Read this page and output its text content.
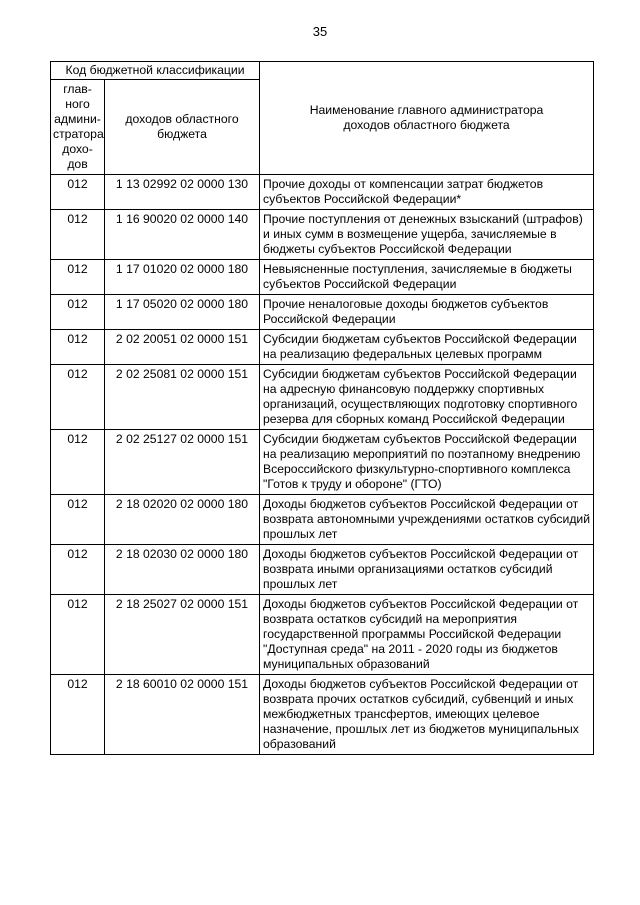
35
Код бюджетной классификации		Наименование главного администратора доходов областного бюджета
глав-ного админи-стратора дохо-дов	доходов областного бюджета	
012	1 13 02992 02 0000 130	Прочие доходы от компенсации затрат бюджетов субъектов Российской Федерации*
012	1 16 90020 02 0000 140	Прочие поступления от денежных взысканий (штрафов) и иных сумм в возмещение ущерба, зачисляемые в бюджеты субъектов Российской Федерации
012	1 17 01020 02 0000 180	Невыясненные поступления, зачисляемые в бюджеты субъектов Российской Федерации
012	1 17 05020 02 0000 180	Прочие неналоговые доходы бюджетов субъектов Российской Федерации
012	2 02 20051 02 0000 151	Субсидии бюджетам субъектов Российской Федерации на реализацию федеральных целевых программ
012	2 02 25081 02 0000 151	Субсидии бюджетам субъектов Российской Федерации на адресную финансовую поддержку спортивных организаций, осуществляющих подготовку спортивного резерва для сборных команд Российской Федерации
012	2 02 25127 02 0000 151	Субсидии бюджетам субъектов Российской Федерации на реализацию мероприятий по поэтапному внедрению Всероссийского физкультурно-спортивного комплекса "Готов к труду и обороне" (ГТО)
012	2 18 02020 02 0000 180	Доходы бюджетов субъектов Российской Федерации от возврата автономными учреждениями остатков субсидий прошлых лет
012	2 18 02030 02 0000 180	Доходы бюджетов субъектов Российской Федерации от возврата иными организациями остатков субсидий прошлых лет
012	2 18 25027 02 0000 151	Доходы бюджетов субъектов Российской Федерации от возврата остатков субсидий на мероприятия государственной программы Российской Федерации "Доступная среда" на 2011 - 2020 годы из бюджетов муниципальных образований
012	2 18 60010 02 0000 151	Доходы бюджетов субъектов Российской Федерации от возврата прочих остатков субсидий, субвенций и иных межбюджетных трансфертов, имеющих целевое назначение, прошлых лет из бюджетов муниципальных образований
